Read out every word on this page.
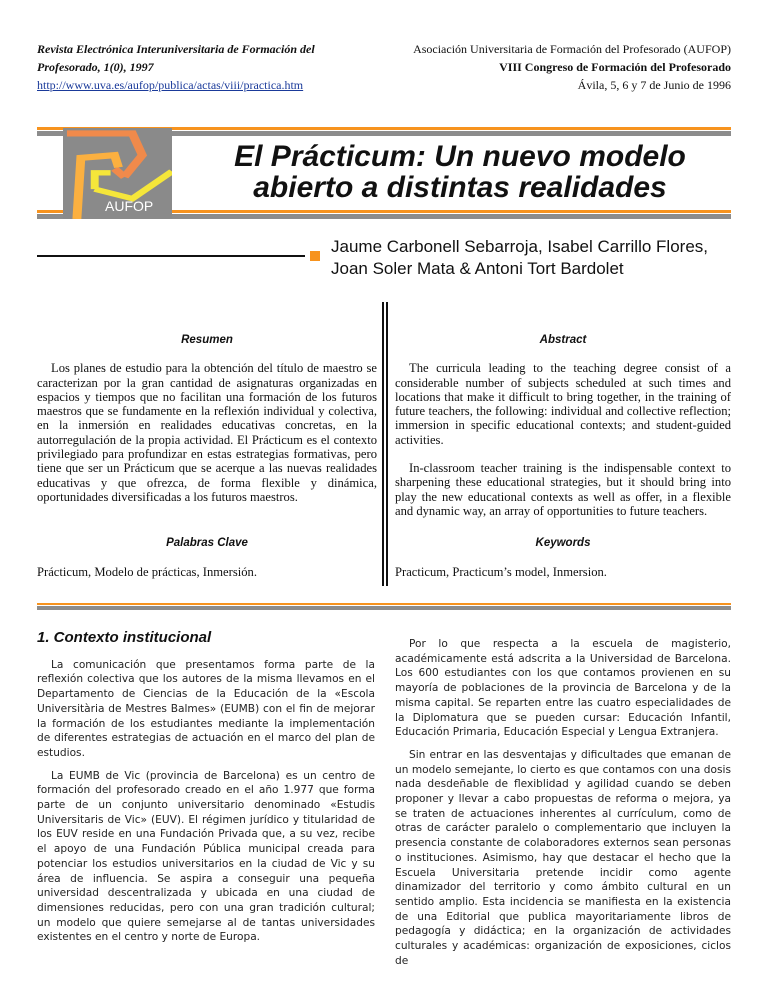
Revista Electrónica Interuniversitaria de Formación del
Profesorado, 1(0), 1997
http://www.uva.es/aufop/publica/actas/viii/practica.htm
Asociación Universitaria de Formación del Profesorado (AUFOP)
VIII Congreso de Formación del Profesorado
Ávila, 5, 6 y 7 de Junio de 1996
AUFOP
El Prácticum: Un nuevo modelo
abierto a distintas realidades
Jaume Carbonell Sebarroja, Isabel Carrillo Flores,
Joan Soler Mata & Antoni Tort Bardolet
Resumen

Los planes de estudio para la obtención del título de maestro se caracterizan por la gran cantidad de asignaturas organizadas en espacios y tiempos que no facilitan una formación de los futuros maestros que se fundamente en la reflexión individual y colectiva, en la inmersión en realidades educativas concretas, en la autorregulación de la propia actividad. El Prácticum es el contexto privilegiado para profundizar en estas estrategias formativas, pero tiene que ser un Prácticum que se acerque a las nuevas realidades educativas y que ofrezca, de forma flexible y dinámica, oportunidades diversificadas a los futuros maestros.

Palabras Clave
Prácticum, Modelo de prácticas, Inmersión.
Abstract

The curricula leading to the teaching degree consist of a considerable number of subjects scheduled at such times and locations that make it difficult to bring together, in the training of future teachers, the following: individual and collective reflection; immersion in specific educational contexts; and student-guided activities.

In-classroom teacher training is the indispensable context to sharpening these educational strategies, but it should bring into play the new educational contexts as well as offer, in a flexible and dynamic way, an array of opportunities to future teachers.

Keywords
Practicum, Practicum’s model, Inmersion.
1. Contexto institucional

La comunicación que presentamos forma parte de la reflexión colectiva que los autores de la misma llevamos en el Departamento de Ciencias de la Educación de la «Escola Universitària de Mestres Balmes» (EUMB) con el fin de mejorar la formación de los estudiantes mediante la implementación de diferentes estrategias de actuación en el marco del plan de estudios.

La EUMB de Vic (provincia de Barcelona) es un centro de formación del profesorado creado en el año 1.977 que forma parte de un conjunto universitario denominado «Estudis Universitaris de Vic» (EUV). El régimen jurídico y titularidad de los EUV reside en una Fundación Privada que, a su vez, recibe el apoyo de una Fundación Pública municipal creada para potenciar los estudios universitarios en la ciudad de Vic y su área de influencia. Se aspira a conseguir una pequeña universidad descentralizada y ubicada en una ciudad de dimensiones reducidas, pero con una gran tradición cultural; un modelo que quiere semejarse al de tantas universidades existentes en el centro y norte de Europa.

Por lo que respecta a la escuela de magisterio, académicamente está adscrita a la Universidad de Barcelona. Los 600 estudiantes con los que contamos provienen en su mayoría de poblaciones de la provincia de Barcelona y de la misma capital. Se reparten entre las cuatro especialidades de la Diplomatura que se pueden cursar: Educación Infantil, Educación Primaria, Educación Especial y Lengua Extranjera.

Sin entrar en las desventajas y dificultades que emanan de un modelo semejante, lo cierto es que contamos con una dosis nada desdeñable de flexiblidad y agilidad cuando se deben proponer y llevar a cabo propuestas de reforma o mejora, ya se traten de actuaciones inherentes al currículum, como de otras de carácter paralelo o complementario que incluyen la presencia constante de colaboradores externos sean personas o instituciones. Asimismo, hay que destacar el hecho que la Escuela Universitaria pretende incidir como agente dinamizador del territorio y como ámbito cultural en un sentido amplio. Esta incidencia se manifiesta en la existencia de una Editorial que publica mayoritariamente libros de pedagogía y didáctica; en la organización de actividades culturales y académicas: organización de exposiciones, ciclos de
